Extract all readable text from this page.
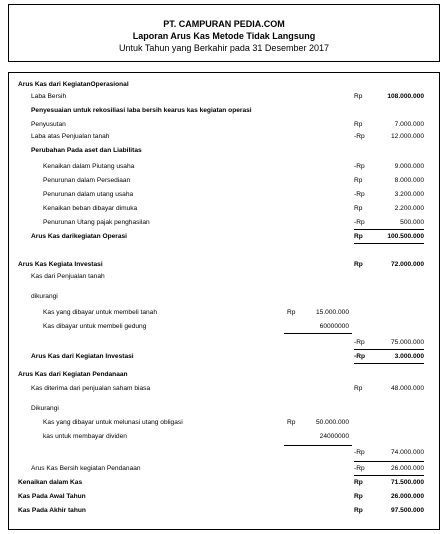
PT. CAMPURAN PEDIA.COM
Laporan Arus Kas Metode Tidak Langsung
Untuk Tahun yang Berkahir pada 31 Desember 2017
Arus Kas dari KegiatanOperasional
Laba Bersih	Rp	108.000.000
Penyesuaian untuk rekosiliasi laba bersih kearus kas kegiatan operasi
Penyusutan	Rp	7.000.000
Laba atas Penjualan tanah	-Rp	12.000.000
Perubahan Pada aset dan Liabilitas
Kenaikan dalam Piutang usaha	-Rp	9.000.000
Penurunan dalam Persediaan	Rp	8.000.000
Penurunan dalam utang usaha	-Rp	3.200.000
Kenaikan beban dibayar dimuka	Rp	2.200.000
Penurunan Utang pajak penghasilan	-Rp	500.000
Arus Kas darikegiatan Operasi	Rp	100.500.000
Arus Kas Kegiata Investasi	Rp	72.000.000
Kas dari Penjualan tanah
dikurangi
Kas yang dibayar untuk membeli tanah	Rp	15.000.000
Kas dibayar untuk membeli gedung	60000000
-Rp	75.000.000
Arus Kas dari Kegiatan Investasi	-Rp	3.000.000
Arus Kas dari Kegiatan Pendanaan
Kas diterima dari penjualan saham biasa	Rp	48.000.000
Dikurangi
Kas yang dibayar untuk melunasi utang obligasi	Rp	50.000.000
kas untuk membayar dividen	24000000
-Rp	74.000.000
Arus Kas Bersih kegiatan Pendanaan	-Rp	26.000.000
Kenaikan dalam Kas	Rp	71.500.000
Kas Pada Awal Tahun	Rp	26.000.000
Kas Pada Akhir tahun	Rp	97.500.000
